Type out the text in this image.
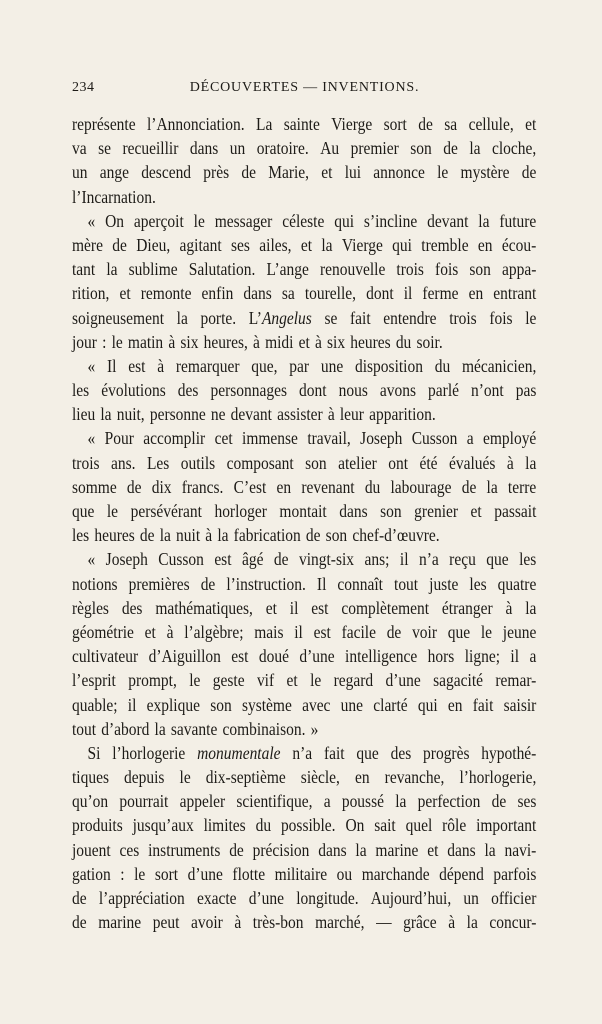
234	DÉCOUVERTES — INVENTIONS.
représente l’Annonciation. La sainte Vierge sort de sa cellule, et
va se recueillir dans un oratoire. Au premier son de la cloche,
un ange descend près de Marie, et lui annonce le mystère de
l’Incarnation.
« On aperçoit le messager céleste qui s’incline devant la future
mère de Dieu, agitant ses ailes, et la Vierge qui tremble en écou-
tant la sublime Salutation. L’ange renouvelle trois fois son appa-
rition, et remonte enfin dans sa tourelle, dont il ferme en entrant
soigneusement la porte. L’Angelus se fait entendre trois fois le
jour : le matin à six heures, à midi et à six heures du soir.
« Il est à remarquer que, par une disposition du mécanicien,
les évolutions des personnages dont nous avons parlé n’ont pas
lieu la nuit, personne ne devant assister à leur apparition.
« Pour accomplir cet immense travail, Joseph Cusson a employé
trois ans. Les outils composant son atelier ont été évalués à la
somme de dix francs. C’est en revenant du labourage de la terre
que le persévérant horloger montait dans son grenier et passait
les heures de la nuit à la fabrication de son chef-d’œuvre.
« Joseph Cusson est âgé de vingt-six ans; il n’a reçu que les
notions premières de l’instruction. Il connaît tout juste les quatre
règles des mathématiques, et il est complètement étranger à la
géométrie et à l’algèbre; mais il est facile de voir que le jeune
cultivateur d’Aiguillon est doué d’une intelligence hors ligne; il a
l’esprit prompt, le geste vif et le regard d’une sagacité remar-
quable; il explique son système avec une clarté qui en fait saisir
tout d’abord la savante combinaison. »
Si l’horlogerie monumentale n’a fait que des progrès hypothé-
tiques depuis le dix-septième siècle, en revanche, l’horlogerie,
qu’on pourrait appeler scientifique, a poussé la perfection de ses
produits jusqu’aux limites du possible. On sait quel rôle important
jouent ces instruments de précision dans la marine et dans la navi-
gation : le sort d’une flotte militaire ou marchande dépend parfois
de l’appréciation exacte d’une longitude. Aujourd’hui, un officier
de marine peut avoir à très-bon marché, — grâce à la concur-
